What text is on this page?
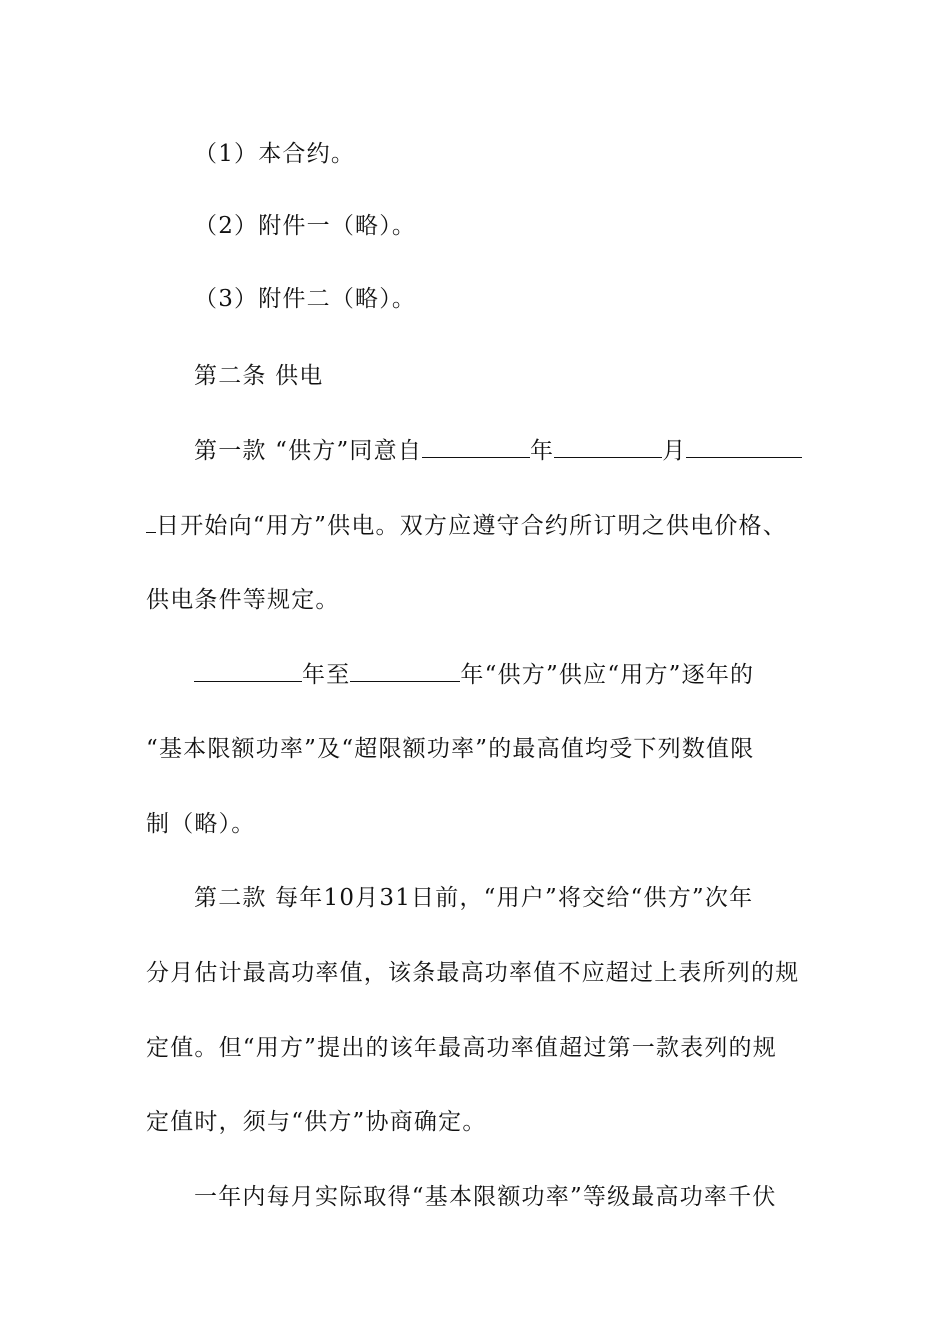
（1）本合约。
（2）附件一（略）。
（3）附件二（略）。
第二条 供电
第一款 “供方”同意自	年	月
日开始向“用方”供电。双方应遵守合约所订明之供电价格、
供电条件等规定。
年至	年“供方”供应“用方”逐年的
“基本限额功率”及“超限额功率”的最高值均受下列数值限
制（略）。
第二款 每年10月31日前，“用户”将交给“供方”次年
分月估计最高功率值，该条最高功率值不应超过上表所列的规
定值。但“用方”提出的该年最高功率值超过第一款表列的规
定值时，须与“供方”协商确定。
一年内每月实际取得“基本限额功率”等级最高功率千伏
